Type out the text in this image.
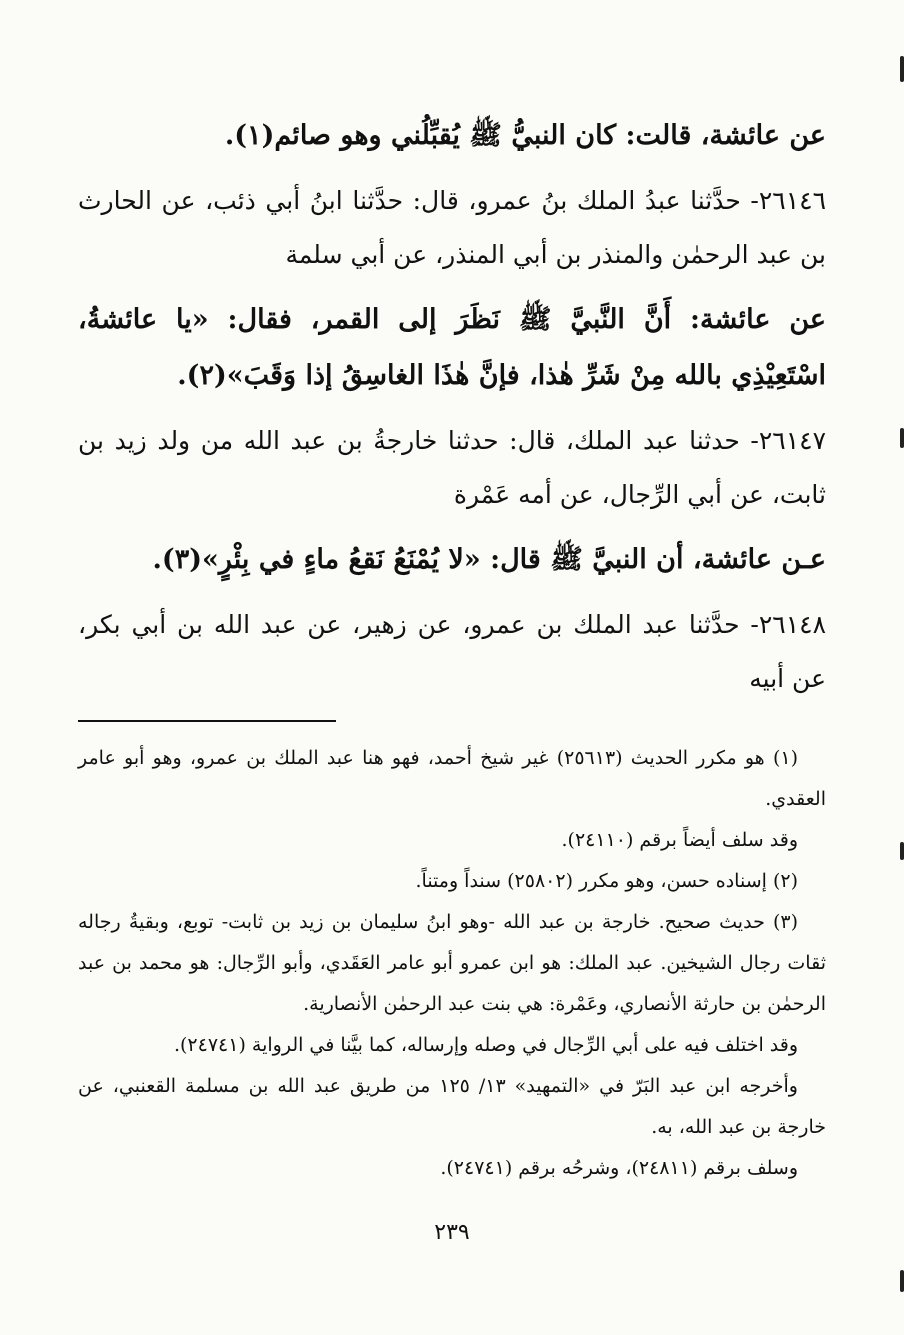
عن عائشة، قالت: كان النبيُّ ﷺ يُقبِّلُني وهو صائم(١).

٢٦١٤٦- حدَّثنا عبدُ الملك بنُ عمرو، قال: حدَّثنا ابنُ أبي ذئب، عن الحارث بن عبد الرحمٰن والمنذر بن أبي المنذر، عن أبي سلمة

عن عائشة: أَنَّ النَّبيَّ ﷺ نَظَرَ إلى القمر، فقال: «يا عائشةُ، اسْتَعِيْذِي بالله مِنْ شَرِّ هٰذا، فإنَّ هٰذَا الغاسِقُ إذا وَقَبَ»(٢).

٢٦١٤٧- حدثنا عبد الملك، قال: حدثنا خارجةُ بن عبد الله من ولد زيد بن ثابت، عن أبي الرِّجال، عن أمه عَمْرة

عـن عائشة، أن النبيَّ ﷺ قال: «لا يُمْنَعُ نَقعُ ماءٍ في بِئْرٍ»(٣).

٢٦١٤٨- حدَّثنا عبد الملك بن عمرو، عن زهير، عن عبد الله بن أبي بكر، عن أبيه

(١) هو مكرر الحديث (٢٥٦١٣) غير شيخ أحمد، فهو هنا عبد الملك بن عمرو، وهو أبو عامر العقدي.

وقد سلف أيضاً برقم (٢٤١١٠).

(٢) إسناده حسن، وهو مكرر (٢٥٨٠٢) سنداً ومتناً.

(٣) حديث صحيح. خارجة بن عبد الله -وهو ابنُ سليمان بن زيد بن ثابت- توبع، وبقيةُ رجاله ثقات رجال الشيخين. عبد الملك: هو ابن عمرو أبو عامر العَقَدي، وأبو الرِّجال: هو محمد بن عبد الرحمٰن بن حارثة الأنصاري، وعَمْرة: هي بنت عبد الرحمٰن الأنصارية.

وقد اختلف فيه على أبي الرِّجال في وصله وإرساله، كما بيَّنا في الرواية (٢٤٧٤١).

وأخرجه ابن عبد البَرّ في «التمهيد» ١٣/ ١٢٥ من طريق عبد الله بن مسلمة القعنبي، عن خارجة بن عبد الله، به.

وسلف برقم (٢٤٨١١)، وشرحُه برقم (٢٤٧٤١).

٢٣٩
